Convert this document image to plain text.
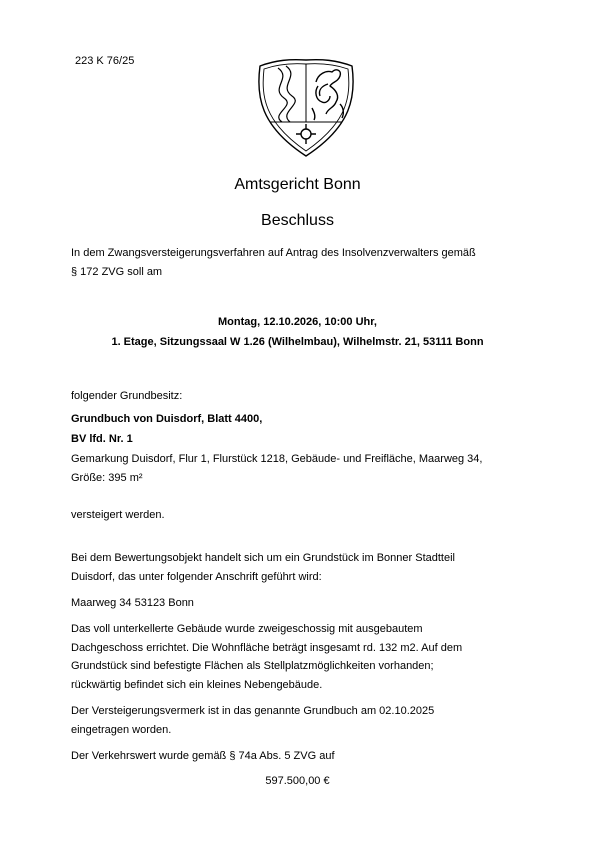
223 K 76/25
Amtsgericht Bonn
Beschluss
In dem Zwangsversteigerungsverfahren auf Antrag des Insolvenzverwalters gemäß
§ 172 ZVG soll am
Montag, 12.10.2026, 10:00 Uhr,
1. Etage, Sitzungssaal W 1.26 (Wilhelmbau), Wilhelmstr. 21, 53111 Bonn
folgender Grundbesitz:
Grundbuch von Duisdorf, Blatt 4400,
BV lfd. Nr. 1
Gemarkung Duisdorf, Flur 1, Flurstück 1218, Gebäude- und Freifläche, Maarweg 34,
Größe: 395 m²
versteigert werden.
Bei dem Bewertungsobjekt handelt sich um ein Grundstück im Bonner Stadtteil
Duisdorf, das unter folgender Anschrift geführt wird:
Maarweg 34 53123 Bonn
Das voll unterkellerte Gebäude wurde zweigeschossig mit ausgebautem
Dachgeschoss errichtet. Die Wohnfläche beträgt insgesamt rd. 132 m2. Auf dem
Grundstück sind befestigte Flächen als Stellplatzmöglichkeiten vorhanden;
rückwärtig befindet sich ein kleines Nebengebäude.
Der Versteigerungsvermerk ist in das genannte Grundbuch am 02.10.2025
eingetragen worden.
Der Verkehrswert wurde gemäß § 74a Abs. 5 ZVG auf
597.500,00 €
